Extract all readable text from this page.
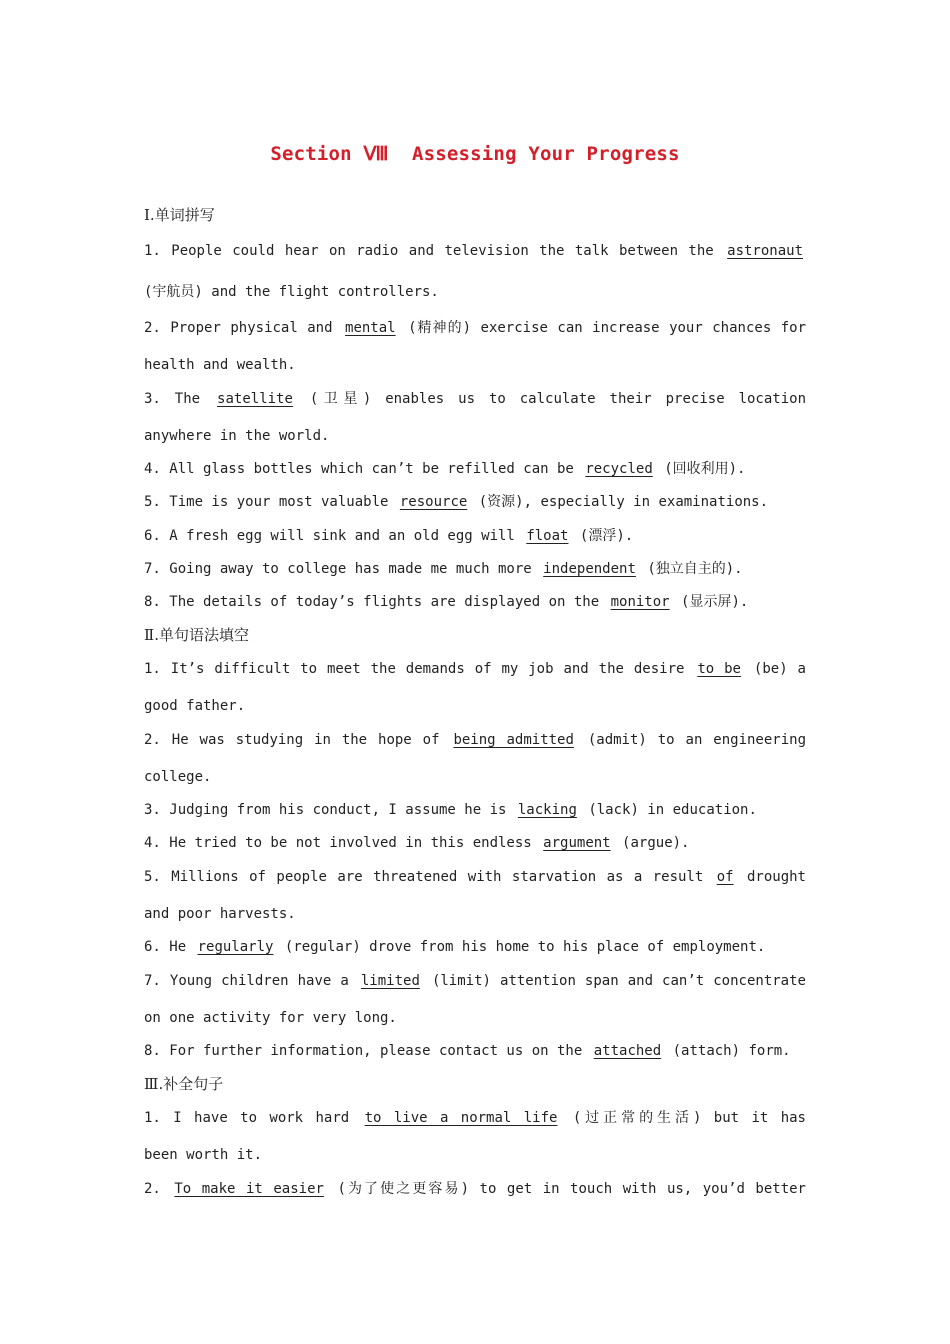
Section Ⅷ  Assessing Your Progress
Ⅰ.单词拼写
1. People could hear on radio and television the talk between the astronaut
(宇航员) and the flight controllers.
2. Proper physical and mental (精神的) exercise can increase your chances for
health and wealth.
3. The satellite (卫星) enables us to calculate their precise location
anywhere in the world.
4. All glass bottles which can’t be refilled can be recycled (回收利用).
5. Time is your most valuable resource (资源), especially in examinations.
6. A fresh egg will sink and an old egg will float (漂浮).
7. Going away to college has made me much more independent (独立自主的).
8. The details of today’s flights are displayed on the monitor (显示屏).
Ⅱ.单句语法填空
1. It’s difficult to meet the demands of my job and the desire to be (be) a
good father.
2. He was studying in the hope of being admitted (admit) to an engineering
college.
3. Judging from his conduct, I assume he is lacking (lack) in education.
4. He tried to be not involved in this endless argument (argue).
5. Millions of people are threatened with starvation as a result of drought
and poor harvests.
6. He regularly (regular) drove from his home to his place of employment.
7. Young children have a limited (limit) attention span and can’t concentrate
on one activity for very long.
8. For further information, please contact us on the attached (attach) form.
Ⅲ.补全句子
1. I have to work hard to live a normal life (过正常的生活) but it has
been worth it.
2. To make it easier (为了使之更容易) to get in touch with us, you’d better
